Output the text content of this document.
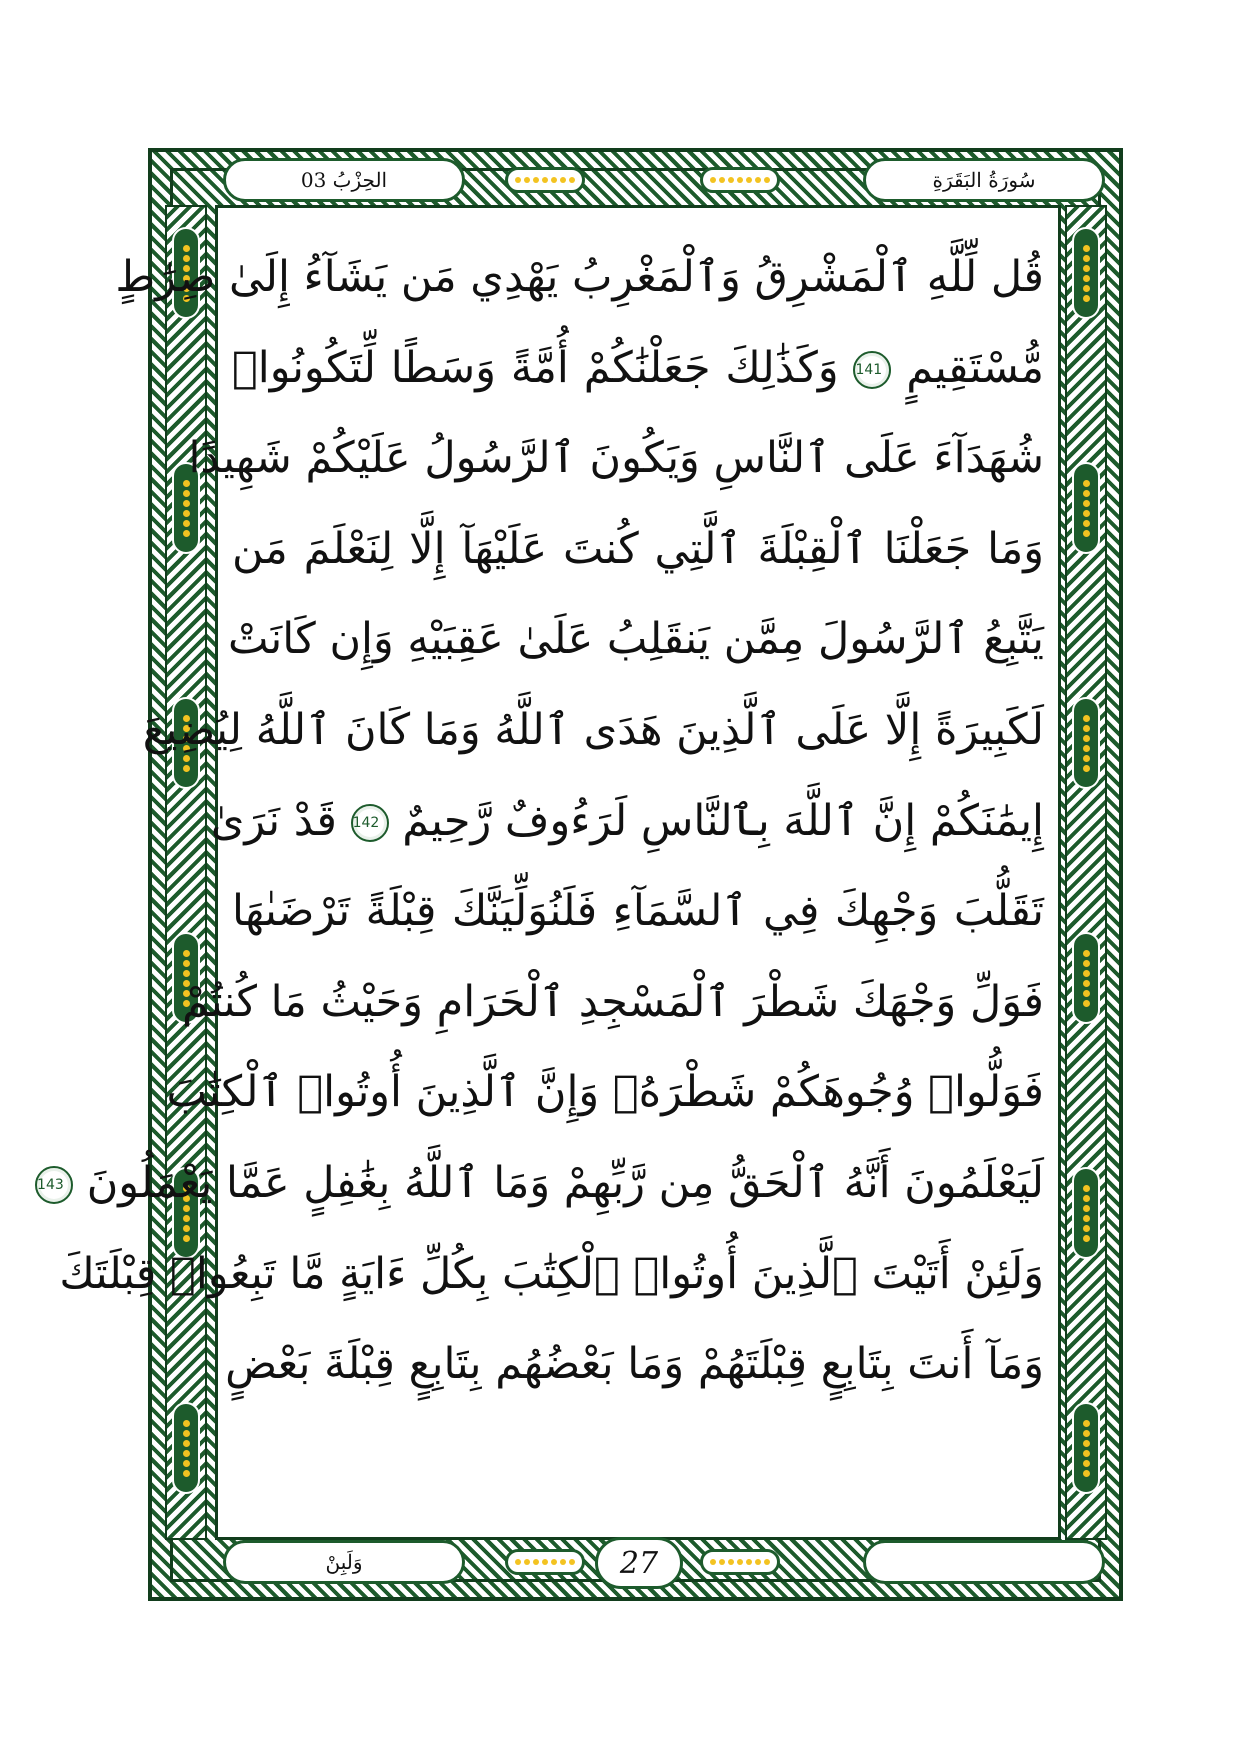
الحِزْبُ 03	سُورَةُ البَقَرَةِ
قُل لِّلَّهِ ٱلْمَشْرِقُ وَٱلْمَغْرِبُ يَهْدِي مَن يَشَآءُ إِلَىٰ صِرَٰطٍ
مُّسْتَقِيمٍ 141 وَكَذَٰلِكَ جَعَلْنَٰكُمْ أُمَّةً وَسَطًا لِّتَكُونُوا۟
شُهَدَآءَ عَلَى ٱلنَّاسِ وَيَكُونَ ٱلرَّسُولُ عَلَيْكُمْ شَهِيدًا
وَمَا جَعَلْنَا ٱلْقِبْلَةَ ٱلَّتِي كُنتَ عَلَيْهَآ إِلَّا لِنَعْلَمَ مَن
يَتَّبِعُ ٱلرَّسُولَ مِمَّن يَنقَلِبُ عَلَىٰ عَقِبَيْهِ وَإِن كَانَتْ
لَكَبِيرَةً إِلَّا عَلَى ٱلَّذِينَ هَدَى ٱللَّهُ وَمَا كَانَ ٱللَّهُ لِيُضِيعَ
إِيمَٰنَكُمْ إِنَّ ٱللَّهَ بِٱلنَّاسِ لَرَءُوفٌ رَّحِيمٌ 142 قَدْ نَرَىٰ
تَقَلُّبَ وَجْهِكَ فِي ٱلسَّمَآءِ فَلَنُوَلِّيَنَّكَ قِبْلَةً تَرْضَىٰهَا
فَوَلِّ وَجْهَكَ شَطْرَ ٱلْمَسْجِدِ ٱلْحَرَامِ وَحَيْثُ مَا كُنتُمْ
فَوَلُّوا۟ وُجُوهَكُمْ شَطْرَهُۥ وَإِنَّ ٱلَّذِينَ أُوتُوا۟ ٱلْكِتَٰبَ
لَيَعْلَمُونَ أَنَّهُ ٱلْحَقُّ مِن رَّبِّهِمْ وَمَا ٱللَّهُ بِغَٰفِلٍ عَمَّا يَعْمَلُونَ 143
وَلَئِنْ أَتَيْتَ ٱلَّذِينَ أُوتُوا۟ ٱلْكِتَٰبَ بِكُلِّ ءَايَةٍ مَّا تَبِعُوا۟ قِبْلَتَكَ
وَمَآ أَنتَ بِتَابِعٍ قِبْلَتَهُمْ وَمَا بَعْضُهُم بِتَابِعٍ قِبْلَةَ بَعْضٍ
وَلَبِنْ	27
